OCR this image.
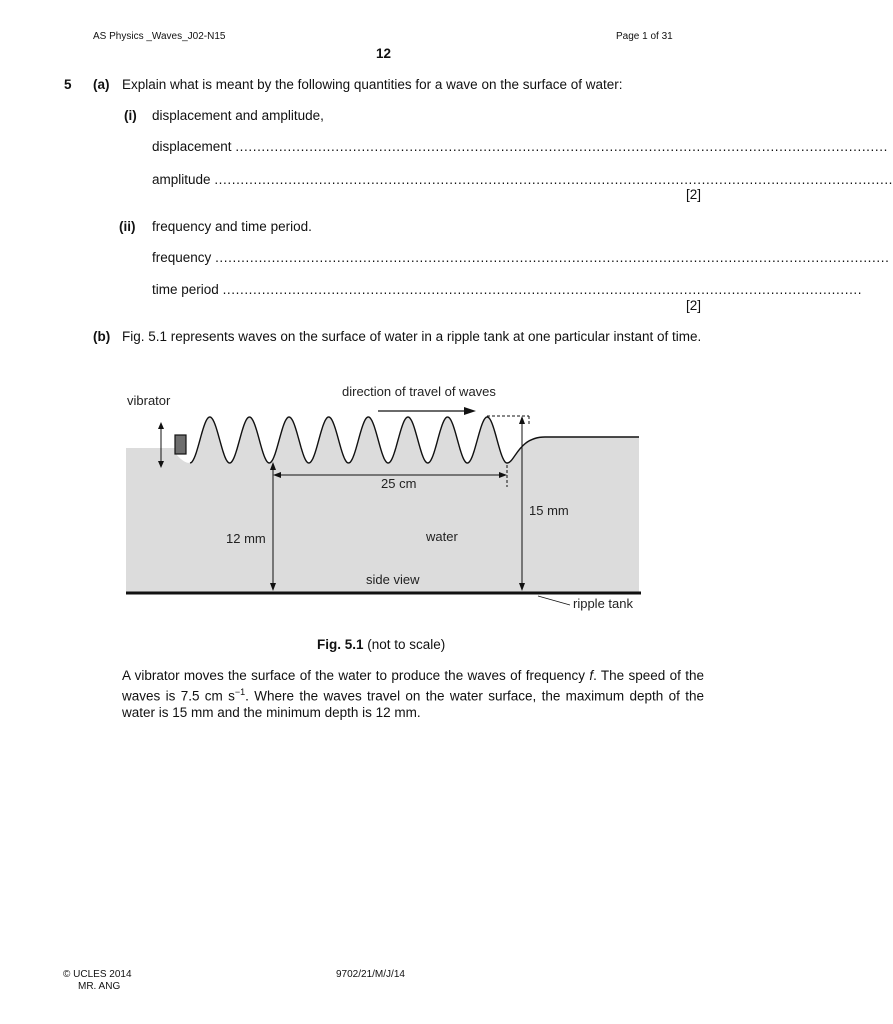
AS Physics _Waves_J02-N15	Page 1 of 31
12
5 (a) Explain what is meant by the following quantities for a wave on the surface of water:
(i) displacement and amplitude,
displacement ......................................................................................................................................................
amplitude ............................................................................................................................................................
[2]
(ii) frequency and time period.
frequency ...........................................................................................................................................................
time period ...................................................................................................................................................
[2]
(b) Fig. 5.1 represents waves on the surface of water in a ripple tank at one particular instant of time.
vibrator
direction of travel of waves
25 cm
12 mm
15 mm
water
side view
ripple tank
Fig. 5.1 (not to scale)
A vibrator moves the surface of the water to produce the waves of frequency f. The speed of the waves is 7.5 cm $s^{-1}$. Where the waves travel on the water surface, the maximum depth of the water is 15 mm and the minimum depth is 12 mm.
© UCLES 2014
MR. ANG
9702/21/M/J/14
